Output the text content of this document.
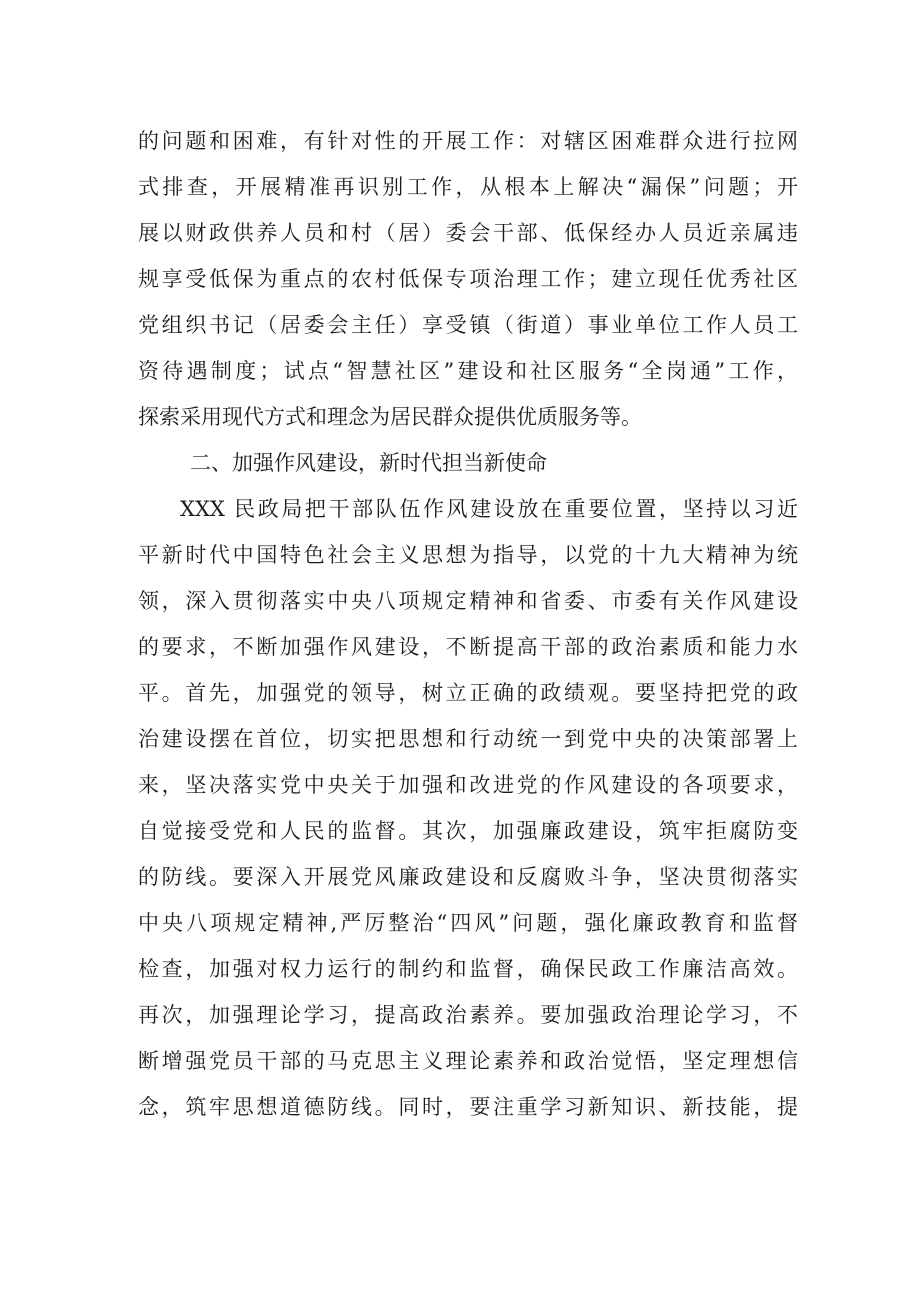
的问题和困难，有针对性的开展工作：对辖区困难群众进行拉网
式排查，开展精准再识别工作，从根本上解决“漏保”问题；开
展以财政供养人员和村（居）委会干部、低保经办人员近亲属违
规享受低保为重点的农村低保专项治理工作；建立现任优秀社区
党组织书记（居委会主任）享受镇（街道）事业单位工作人员工
资待遇制度；试点“智慧社区”建设和社区服务“全岗通”工作，
探索采用现代方式和理念为居民群众提供优质服务等。
二、加强作风建设，新时代担当新使命
XXX 民政局把干部队伍作风建设放在重要位置，坚持以习近
平新时代中国特色社会主义思想为指导，以党的十九大精神为统
领，深入贯彻落实中央八项规定精神和省委、市委有关作风建设
的要求，不断加强作风建设，不断提高干部的政治素质和能力水
平。首先，加强党的领导，树立正确的政绩观。要坚持把党的政
治建设摆在首位，切实把思想和行动统一到党中央的决策部署上
来，坚决落实党中央关于加强和改进党的作风建设的各项要求，
自觉接受党和人民的监督。其次，加强廉政建设，筑牢拒腐防变
的防线。要深入开展党风廉政建设和反腐败斗争，坚决贯彻落实
中央八项规定精神,严厉整治“四风”问题，强化廉政教育和监督
检查，加强对权力运行的制约和监督，确保民政工作廉洁高效。
再次，加强理论学习，提高政治素养。要加强政治理论学习，不
断增强党员干部的马克思主义理论素养和政治觉悟，坚定理想信
念，筑牢思想道德防线。同时，要注重学习新知识、新技能，提
